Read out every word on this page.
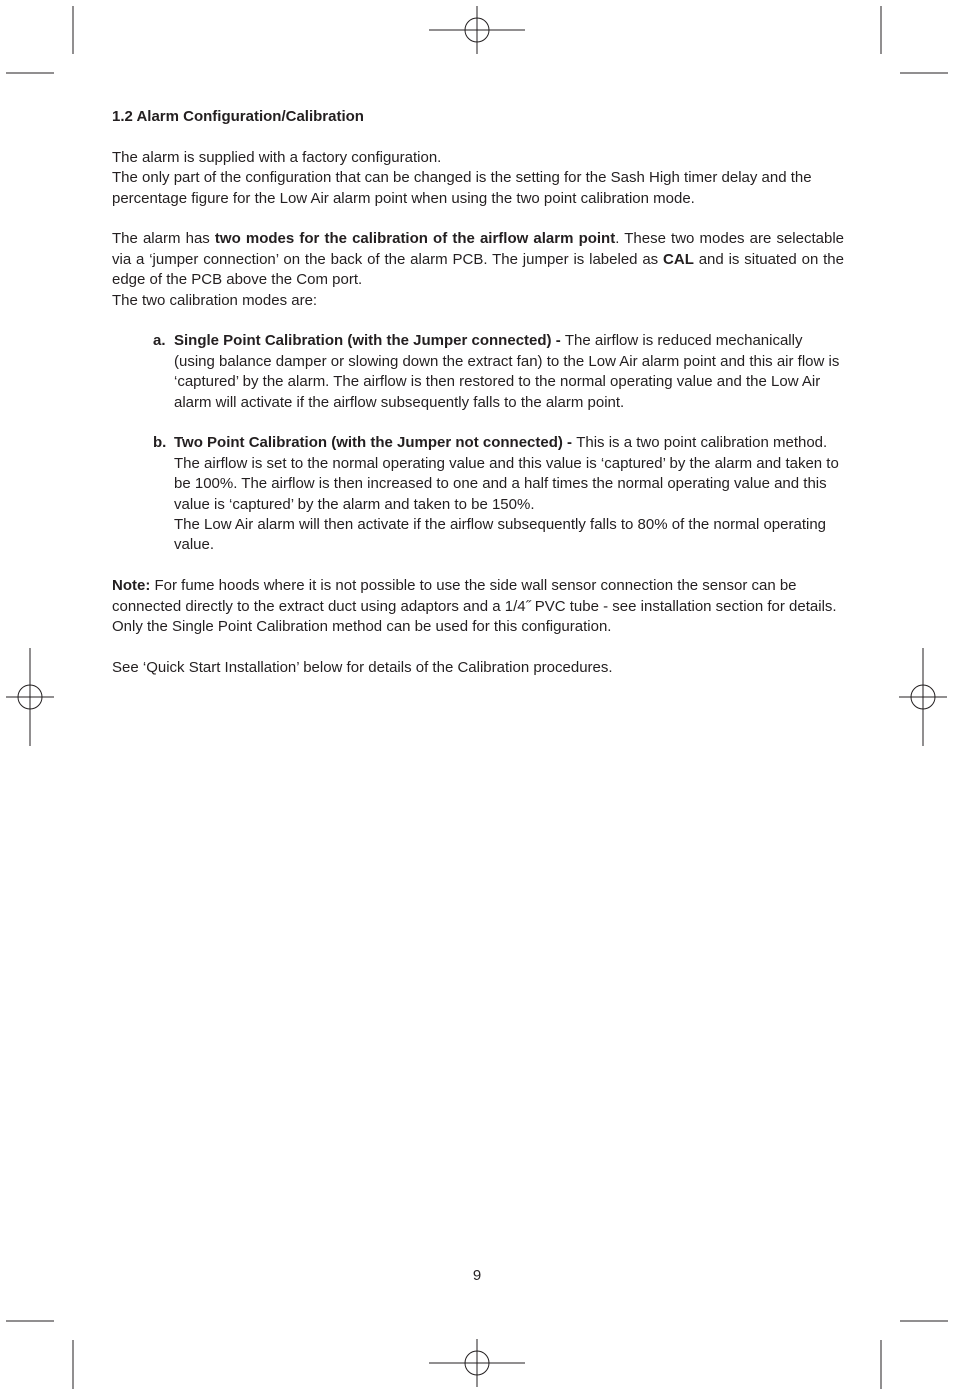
1.2 Alarm Configuration/Calibration

The alarm is supplied with a factory configuration.
The only part of the configuration that can be changed is the setting for the Sash High timer delay and the percentage figure for the Low Air alarm point when using the two point calibration mode.

The alarm has two modes for the calibration of the airflow alarm point. These two modes are selectable via a ‘jumper connection’ on the back of the alarm PCB. The jumper is labeled as CAL and is situated on the edge of the PCB above the Com port.
The two calibration modes are:

a. Single Point Calibration (with the Jumper connected) - The airflow is reduced mechanically (using balance damper or slowing down the extract fan) to the Low Air alarm point and this air flow is ‘captured’ by the alarm. The airflow is then restored to the normal operating value and the Low Air alarm will activate if the airflow subsequently falls to the alarm point.
b. Two Point Calibration (with the Jumper not connected) - This is a two point calibration method. The airflow is set to the normal operating value and this value is ‘captured’ by the alarm and taken to be 100%. The airflow is then increased to one and a half times the normal operating value and this value is ‘captured’ by the alarm and taken to be 150%.
The Low Air alarm will then activate if the airflow subsequently falls to 80% of the normal operating value.

Note: For fume hoods where it is not possible to use the side wall sensor connection the sensor can be connected directly to the extract duct using adaptors and a 1/4˝ PVC tube - see installation section for details. Only the Single Point Calibration method can be used for this configuration.

See ‘Quick Start Installation’ below for details of the Calibration procedures.

9
